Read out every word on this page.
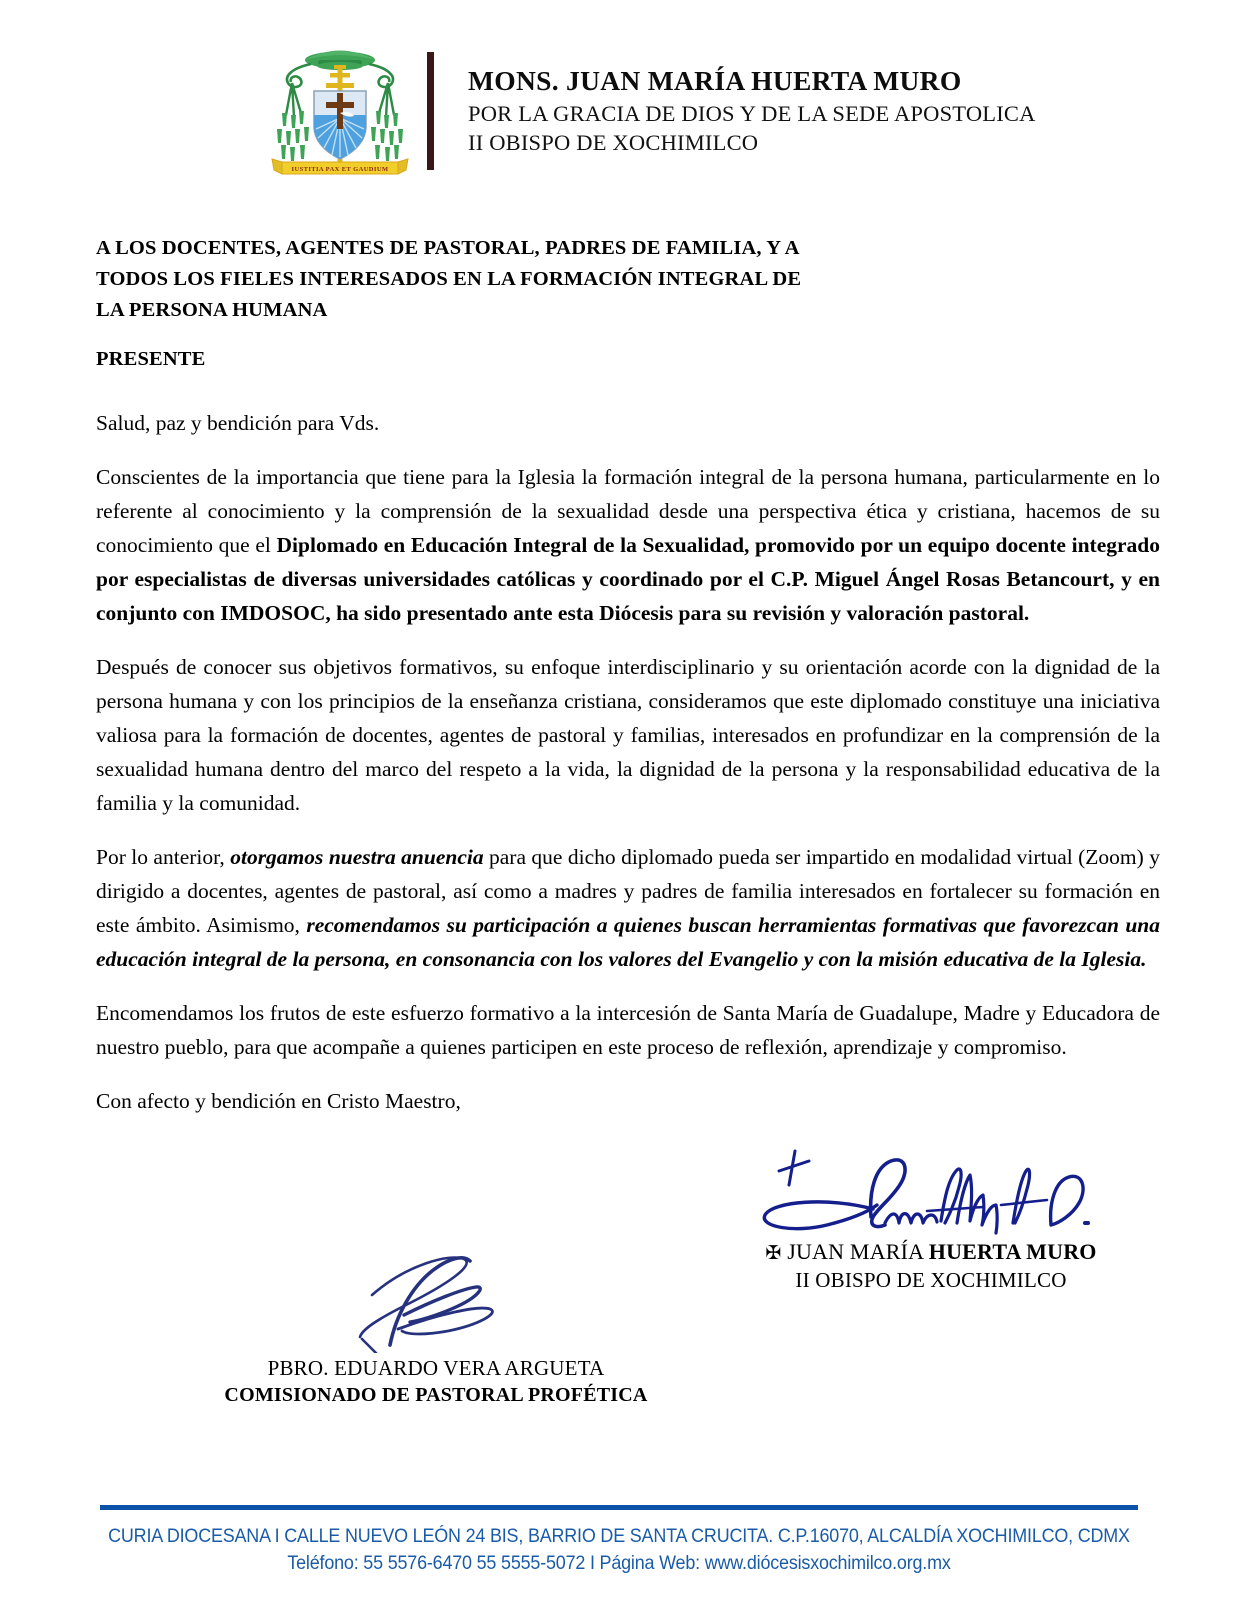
IUSTITIA PAX ET GAUDIUM
MONS. JUAN MARÍA HUERTA MURO
POR LA GRACIA DE DIOS Y DE LA SEDE APOSTOLICA
II OBISPO DE XOCHIMILCO
A LOS DOCENTES, AGENTES DE PASTORAL, PADRES DE FAMILIA, Y A
TODOS LOS FIELES INTERESADOS EN LA FORMACIÓN INTEGRAL DE
LA PERSONA HUMANA
PRESENTE

Salud, paz y bendición para Vds.

Conscientes de la importancia que tiene para la Iglesia la formación integral de la persona humana, particularmente en lo referente al conocimiento y la comprensión de la sexualidad desde una perspectiva ética y cristiana, hacemos de su conocimiento que el Diplomado en Educación Integral de la Sexualidad, promovido por un equipo docente integrado por especialistas de diversas universidades católicas y coordinado por el C.P. Miguel Ángel Rosas Betancourt, y en conjunto con IMDOSOC, ha sido presentado ante esta Diócesis para su revisión y valoración pastoral.

Después de conocer sus objetivos formativos, su enfoque interdisciplinario y su orientación acorde con la dignidad de la persona humana y con los principios de la enseñanza cristiana, consideramos que este diplomado constituye una iniciativa valiosa para la formación de docentes, agentes de pastoral y familias, interesados en profundizar en la comprensión de la sexualidad humana dentro del marco del respeto a la vida, la dignidad de la persona y la responsabilidad educativa de la familia y la comunidad.

Por lo anterior, otorgamos nuestra anuencia para que dicho diplomado pueda ser impartido en modalidad virtual (Zoom) y dirigido a docentes, agentes de pastoral, así como a madres y padres de familia interesados en fortalecer su formación en este ámbito. Asimismo, recomendamos su participación a quienes buscan herramientas formativas que favorezcan una educación integral de la persona, en consonancia con los valores del Evangelio y con la misión educativa de la Iglesia.

Encomendamos los frutos de este esfuerzo formativo a la intercesión de Santa María de Guadalupe, Madre y Educadora de nuestro pueblo, para que acompañe a quienes participen en este proceso de reflexión, aprendizaje y compromiso.

Con afecto y bendición en Cristo Maestro,

✠ JUAN MARÍA HUERTA MURO
II OBISPO DE XOCHIMILCO
PBRO. EDUARDO VERA ARGUETA
COMISIONADO DE PASTORAL PROFÉTICA
CURIA DIOCESANA I CALLE NUEVO LEÓN 24 BIS, BARRIO DE SANTA CRUCITA. C.P.16070, ALCALDÍA XOCHIMILCO, CDMX
Teléfono: 55 5576-6470 55 5555-5072 I Página Web: www.diócesisxochimilco.org.mx
